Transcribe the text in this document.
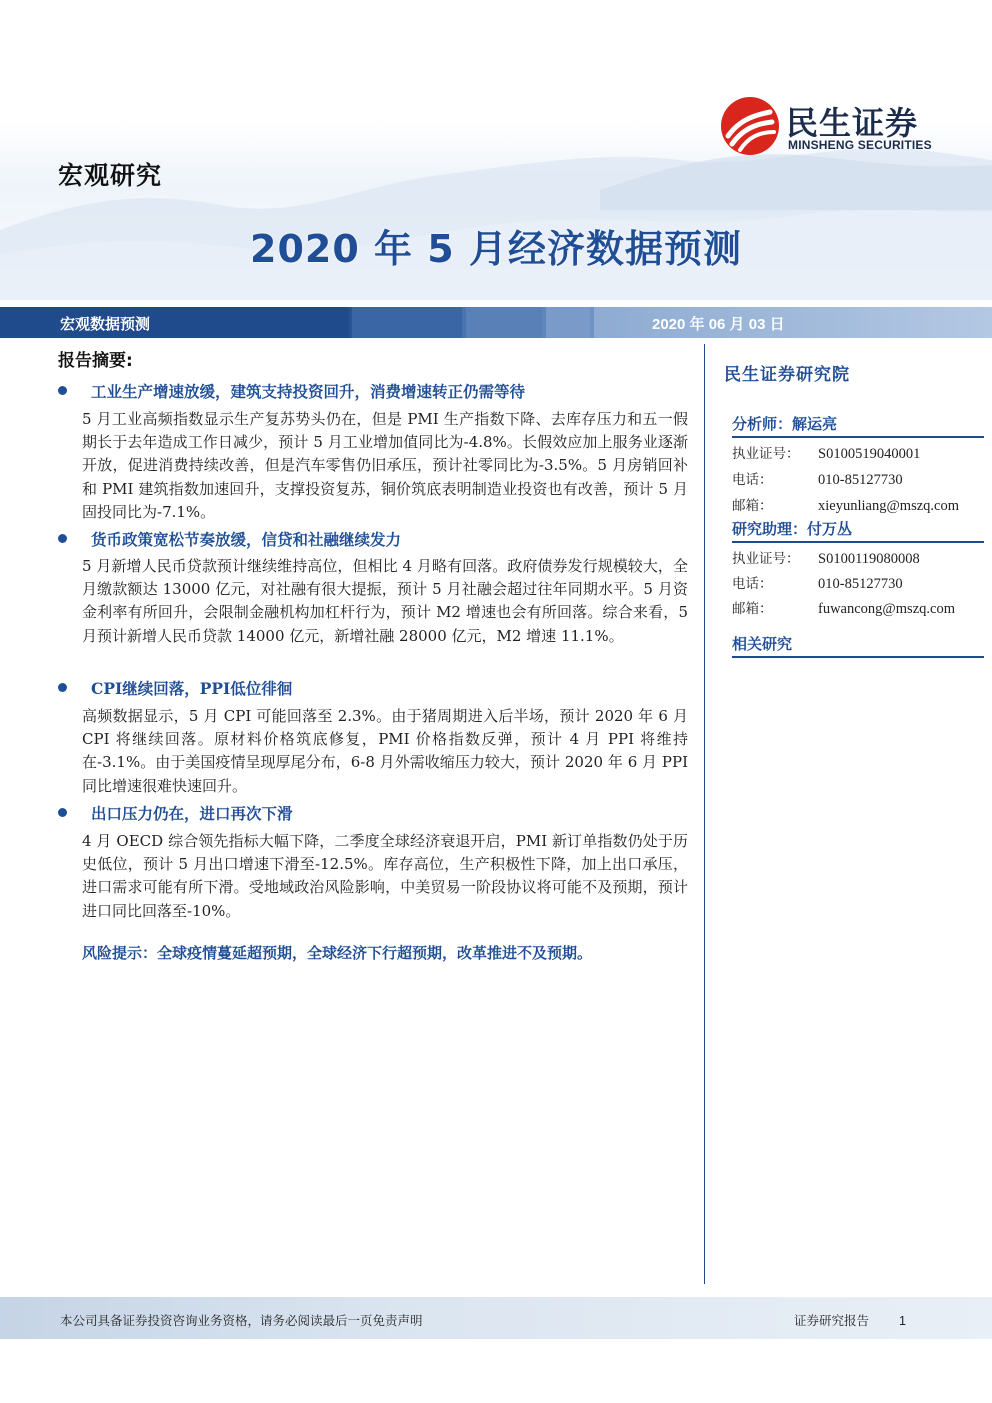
民生证券
MINSHENG SECURITIES
宏观研究
2020 年 5 月经济数据预测
宏观数据预测	2020 年 06 月 03 日
报告摘要:
工业生产增速放缓，建筑支持投资回升，消费增速转正仍需等待
5 月工业高频指数显示生产复苏势头仍在，但是 PMI 生产指数下降、去库存压力和五一假期长于去年造成工作日减少，预计 5 月工业增加值同比为-4.8%。长假效应加上服务业逐渐开放，促进消费持续改善，但是汽车零售仍旧承压，预计社零同比为-3.5%。5 月房销回补和 PMI 建筑指数加速回升，支撑投资复苏，铜价筑底表明制造业投资也有改善，预计 5 月固投同比为-7.1%。
货币政策宽松节奏放缓，信贷和社融继续发力
5 月新增人民币贷款预计继续维持高位，但相比 4 月略有回落。政府债券发行规模较大，全月缴款额达 13000 亿元，对社融有很大提振，预计 5 月社融会超过往年同期水平。5 月资金利率有所回升，会限制金融机构加杠杆行为，预计 M2 增速也会有所回落。综合来看，5 月预计新增人民币贷款 14000 亿元，新增社融 28000 亿元，M2 增速 11.1%。
CPI继续回落，PPI低位徘徊
高频数据显示，5 月 CPI 可能回落至 2.3%。由于猪周期进入后半场，预计 2020 年 6 月 CPI 将继续回落。原材料价格筑底修复，PMI 价格指数反弹，预计 4 月 PPI 将维持在-3.1%。由于美国疫情呈现厚尾分布，6-8 月外需收缩压力较大，预计 2020 年 6 月 PPI 同比增速很难快速回升。
出口压力仍在，进口再次下滑
4 月 OECD 综合领先指标大幅下降，二季度全球经济衰退开启，PMI 新订单指数仍处于历史低位，预计 5 月出口增速下滑至-12.5%。库存高位，生产积极性下降，加上出口承压，进口需求可能有所下滑。受地域政治风险影响，中美贸易一阶段协议将可能不及预期，预计进口同比回落至-10%。
风险提示：全球疫情蔓延超预期，全球经济下行超预期，改革推进不及预期。
民生证券研究院
分析师：解运亮
执业证号： S0100519040001
电话：	010-85127730
邮箱：	xieyunliang@mszq.com
研究助理：付万丛
执业证号： S0100119080008
电话：	010-85127730
邮箱：	fuwancong@mszq.com
相关研究
本公司具备证券投资咨询业务资格，请务必阅读最后一页免责声明	证券研究报告 1
